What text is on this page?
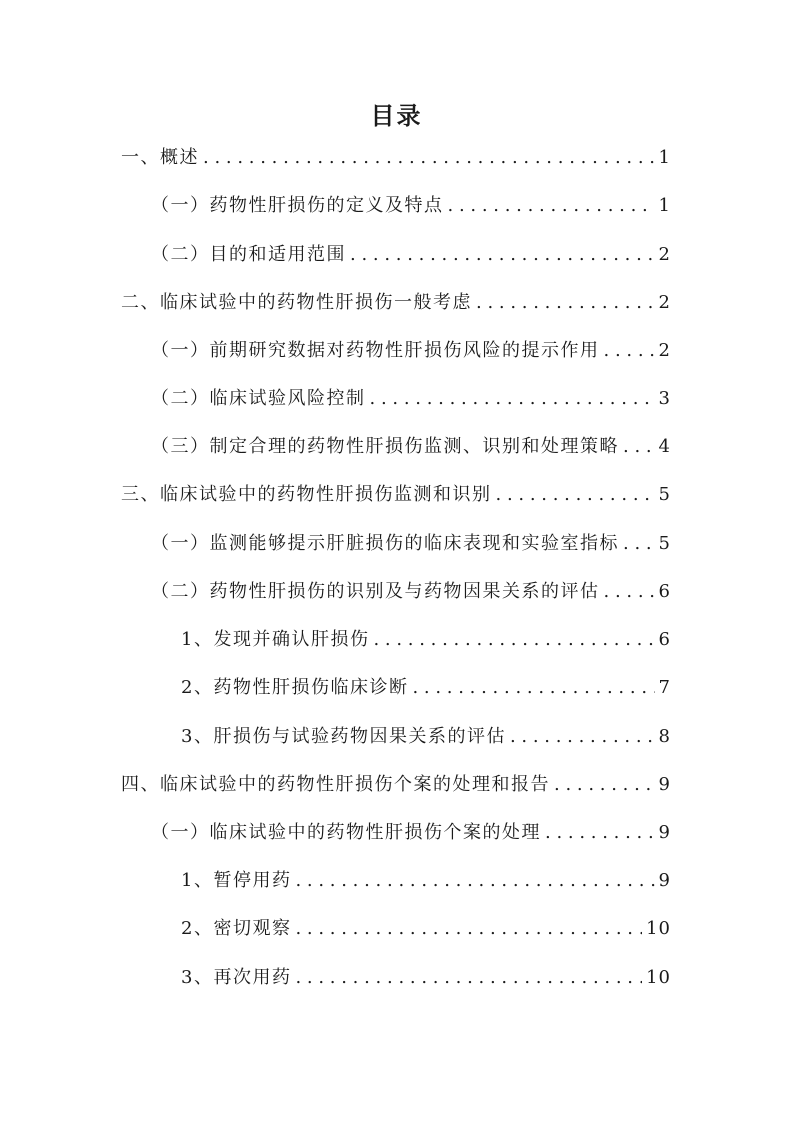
目录
一、概述 . . .	1
（一）药物性肝损伤的定义及特点 . . .	1
（二）目的和适用范围 . . .	2
二、临床试验中的药物性肝损伤一般考虑 . . .	2
（一）前期研究数据对药物性肝损伤风险的提示作用 . . .	2
（二）临床试验风险控制 . . .	3
（三）制定合理的药物性肝损伤监测、识别和处理策略 . . . 4
三、临床试验中的药物性肝损伤监测和识别 . . .	5
（一）监测能够提示肝脏损伤的临床表现和实验室指标 . . . 5
（二）药物性肝损伤的识别及与药物因果关系的评估 . . .	6
1、发现并确认肝损伤 . . .	6
2、药物性肝损伤临床诊断 . . .	7
3、肝损伤与试验药物因果关系的评估 . . .	8
四、临床试验中的药物性肝损伤个案的处理和报告 . . .	9
（一）临床试验中的药物性肝损伤个案的处理 . . .	9
1、暂停用药 . . .	9
2、密切观察 . . .	10
3、再次用药 . . .	10
